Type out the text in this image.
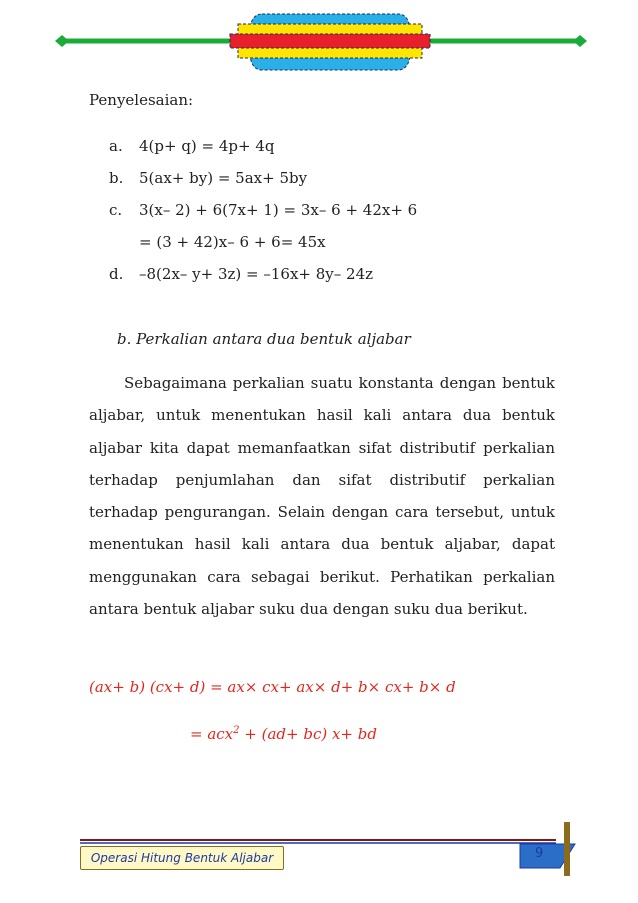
Penyelesaian:
a. 4(p+ q) = 4p+ 4q
b. 5(ax+ by) = 5ax+ 5by
c. 3(x– 2) + 6(7x+ 1) = 3x– 6 + 42x+ 6
= (3 + 42)x– 6 + 6= 45x
d. –8(2x– y+ 3z) = –16x+ 8y– 24z
b. Perkalian antara dua bentuk aljabar
Sebagaimana perkalian suatu konstanta dengan bentuk aljabar, untuk menentukan hasil kali antara dua bentuk aljabar kita dapat memanfaatkan sifat distributif perkalian terhadap penjumlahan dan sifat distributif perkalian terhadap pengurangan. Selain dengan cara tersebut, untuk menentukan hasil kali antara dua bentuk aljabar, dapat menggunakan cara sebagai berikut. Perhatikan perkalian antara bentuk aljabar suku dua dengan suku dua berikut.
(ax+ b) (cx+ d) = ax× cx+ ax× d+ b× cx+ b× d
= acx$^2$ + (ad+ bc) x+ bd
Operasi Hitung Bentuk Aljabar	9
